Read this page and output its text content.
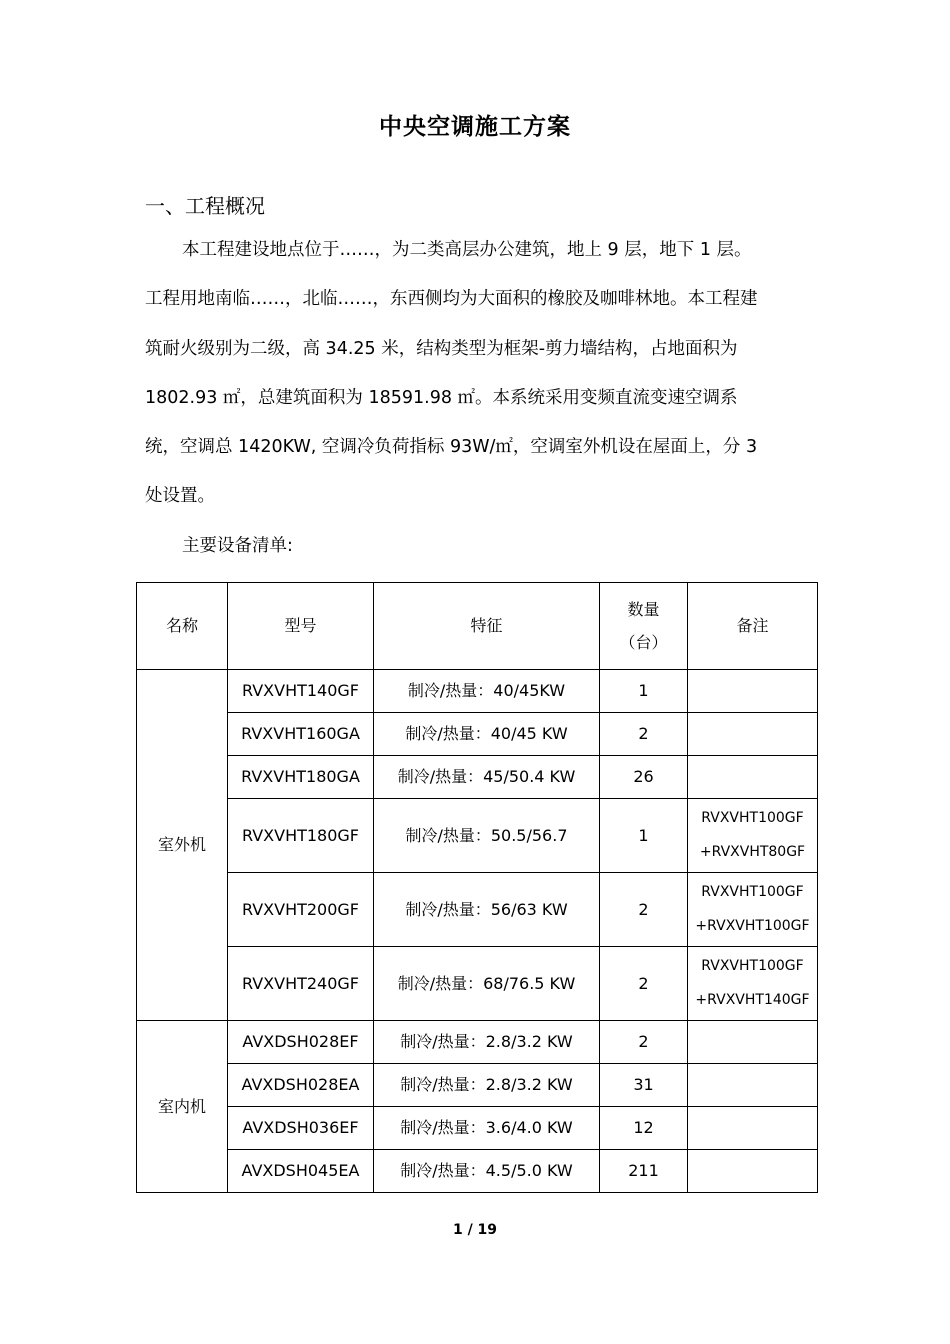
中央空调施工方案
一、工程概况
本工程建设地点位于……，为二类高层办公建筑，地上 9 层，地下 1 层。
工程用地南临……，北临……，东西侧均为大面积的橡胶及咖啡林地。本工程建
筑耐火级别为二级，高 34.25 米，结构类型为框架-剪力墙结构，占地面积为
1802.93 ㎡，总建筑面积为 18591.98 ㎡。本系统采用变频直流变速空调系
统，空调总 1420KW, 空调冷负荷指标 93W/㎡，空调室外机设在屋面上，分 3
处设置。
主要设备清单:
名称	型号	特征	数量
（台）	备注
室外机	RVXVHT140GF	制冷/热量：40/45KW	1	
	RVXVHT160GA	制冷/热量：40/45 KW	2	
	RVXVHT180GA	制冷/热量：45/50.4 KW	26	
	RVXVHT180GF	制冷/热量：50.5/56.7	1	RVXVHT100GF
+RVXVHT80GF

	RVXVHT200GF	制冷/热量：56/63 KW	2	RVXVHT100GF
+RVXVHT100GF

	RVXVHT240GF	制冷/热量：68/76.5 KW	2	RVXVHT100GF
+RVXVHT140GF

室内机	AVXDSH028EF	制冷/热量：2.8/3.2 KW	2	
	AVXDSH028EA	制冷/热量：2.8/3.2 KW	31	
	AVXDSH036EF	制冷/热量：3.6/4.0 KW	12	
	AVXDSH045EA	制冷/热量：4.5/5.0 KW	211	
1 / 19
